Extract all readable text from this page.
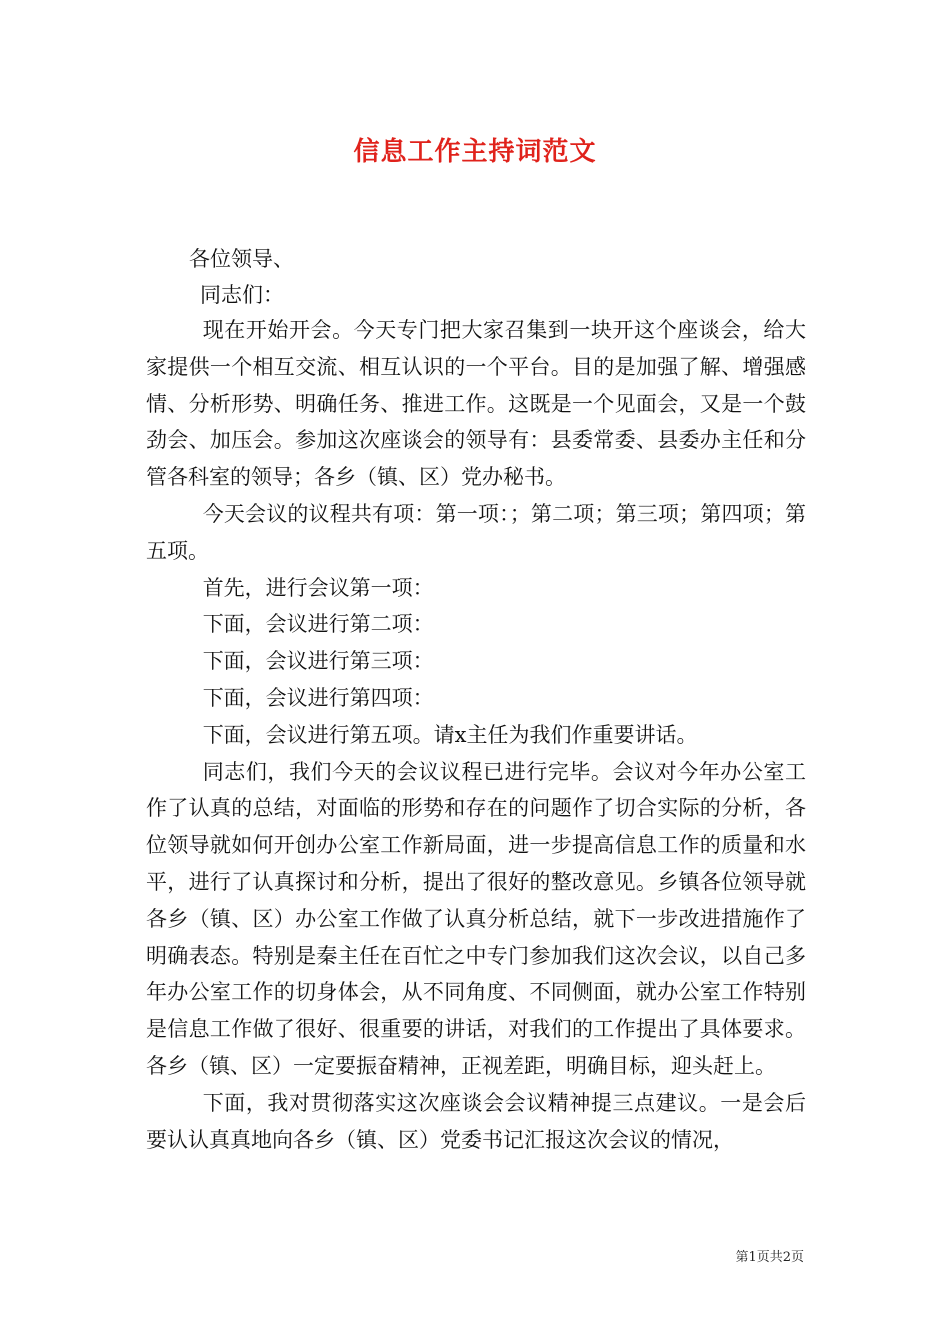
信息工作主持词范文

各位领导、

同志们：

现在开始开会。今天专门把大家召集到一块开这个座谈会，给大家提供一个相互交流、相互认识的一个平台。目的是加强了解、增强感情、分析形势、明确任务、推进工作。这既是一个见面会，又是一个鼓劲会、加压会。参加这次座谈会的领导有：县委常委、县委办主任和分管各科室的领导；各乡（镇、区）党办秘书。

今天会议的议程共有项：第一项：；第二项；第三项；第四项；第五项。

首先，进行会议第一项：

下面，会议进行第二项：

下面，会议进行第三项：

下面，会议进行第四项：

下面，会议进行第五项。请x主任为我们作重要讲话。

同志们，我们今天的会议议程已进行完毕。会议对今年办公室工作了认真的总结，对面临的形势和存在的问题作了切合实际的分析，各位领导就如何开创办公室工作新局面，进一步提高信息工作的质量和水平，进行了认真探讨和分析，提出了很好的整改意见。乡镇各位领导就各乡（镇、区）办公室工作做了认真分析总结，就下一步改进措施作了明确表态。特别是秦主任在百忙之中专门参加我们这次会议，以自己多年办公室工作的切身体会，从不同角度、不同侧面，就办公室工作特别是信息工作做了很好、很重要的讲话，对我们的工作提出了具体要求。各乡（镇、区）一定要振奋精神，正视差距，明确目标，迎头赶上。

下面，我对贯彻落实这次座谈会会议精神提三点建议。一是会后要认认真真地向各乡（镇、区）党委书记汇报这次会议的情况，

第1页共2页
